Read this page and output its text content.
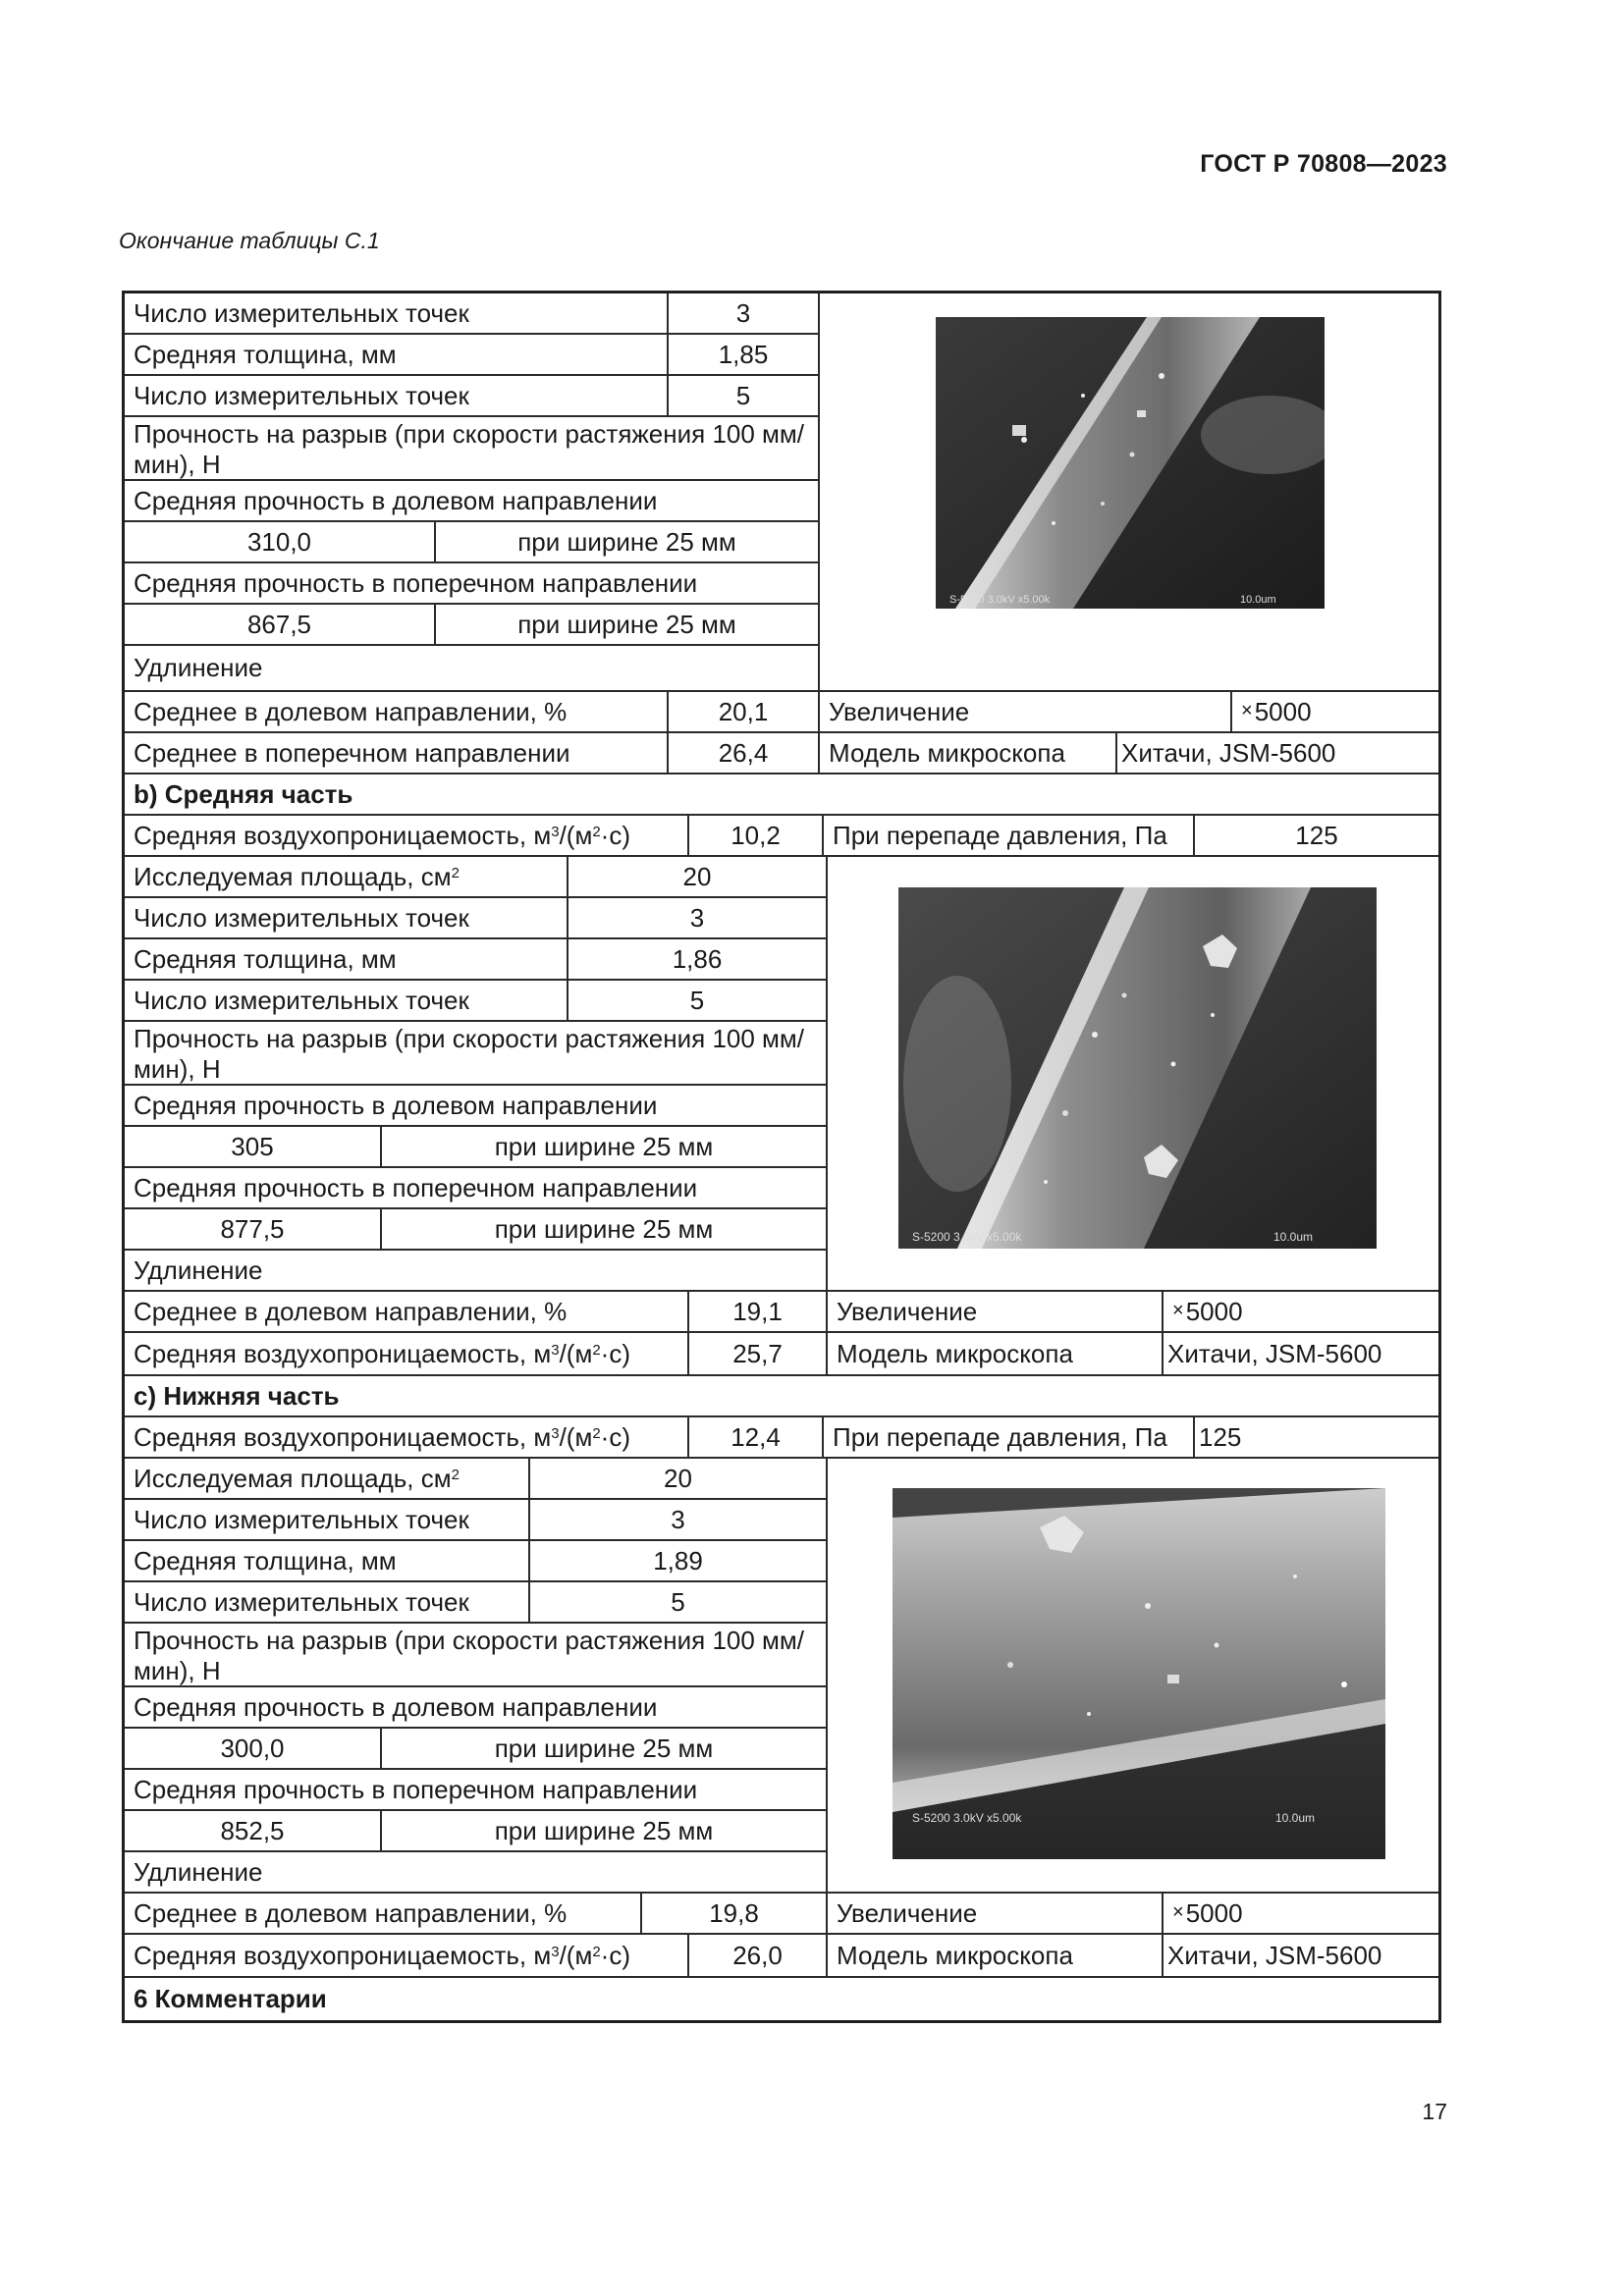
ГОСТ Р 70808—2023
Окончание таблицы С.1
Число измерительных точек	3
Средняя толщина, мм	1,85
Число измерительных точек	5
Прочность на разрыв (при скорости растяжения 100 мм/мин), Н
Средняя прочность в долевом направлении
310,0	при ширине 25 мм
Средняя прочность в поперечном направлении
867,5	при ширине 25 мм
Удлинение
Среднее в долевом направлении, %	20,1	Увеличение	× 5000
Среднее в поперечном направлении	26,4	Модель микроскопа	Хитачи, JSM-5600
b) Средняя часть
Средняя воздухопроницаемость, $м^3$ $/(м^2 \cdot с)$	10,2	При перепаде давления, Па	125
Исследуемая площадь, $см^2$	20
Число измерительных точек	3
Средняя толщина, мм	1,86
Число измерительных точек	5
Прочность на разрыв (при скорости растяжения 100 мм/мин), Н
Средняя прочность в долевом направлении
305	при ширине 25 мм
Средняя прочность в поперечном направлении
877,5	при ширине 25 мм
Удлинение
Среднее в долевом направлении, %	19,1	Увеличение	× 5000
Средняя воздухопроницаемость, $м^3$ $/(м^2 \cdot с)$	25,7	Модель микроскопа	Хитачи, JSM-5600
c) Нижняя часть
Средняя воздухопроницаемость, $м^3$ $/(м^2 \cdot с)$	12,4	При перепаде давления, Па	125
Исследуемая площадь, $см^2$	20
Число измерительных точек	3
Средняя толщина, мм	1,89
Число измерительных точек	5
Прочность на разрыв (при скорости растяжения 100 мм/мин), Н
Средняя прочность в долевом направлении
300,0	при ширине 25 мм
Средняя прочность в поперечном направлении
852,5	при ширине 25 мм
Удлинение
Среднее в долевом направлении, %	19,8	Увеличение	× 5000
Средняя воздухопроницаемость, $м^3$ $/(м^2 \cdot с)$	26,0	Модель микроскопа	Хитачи, JSM-5600
6 Комментарии
S-5200 3.0kV x5.00k	10.0um
S-5200 3.0kV x5.00k	10.0um
S-5200 3.0kV x5.00k	10.0um
17
